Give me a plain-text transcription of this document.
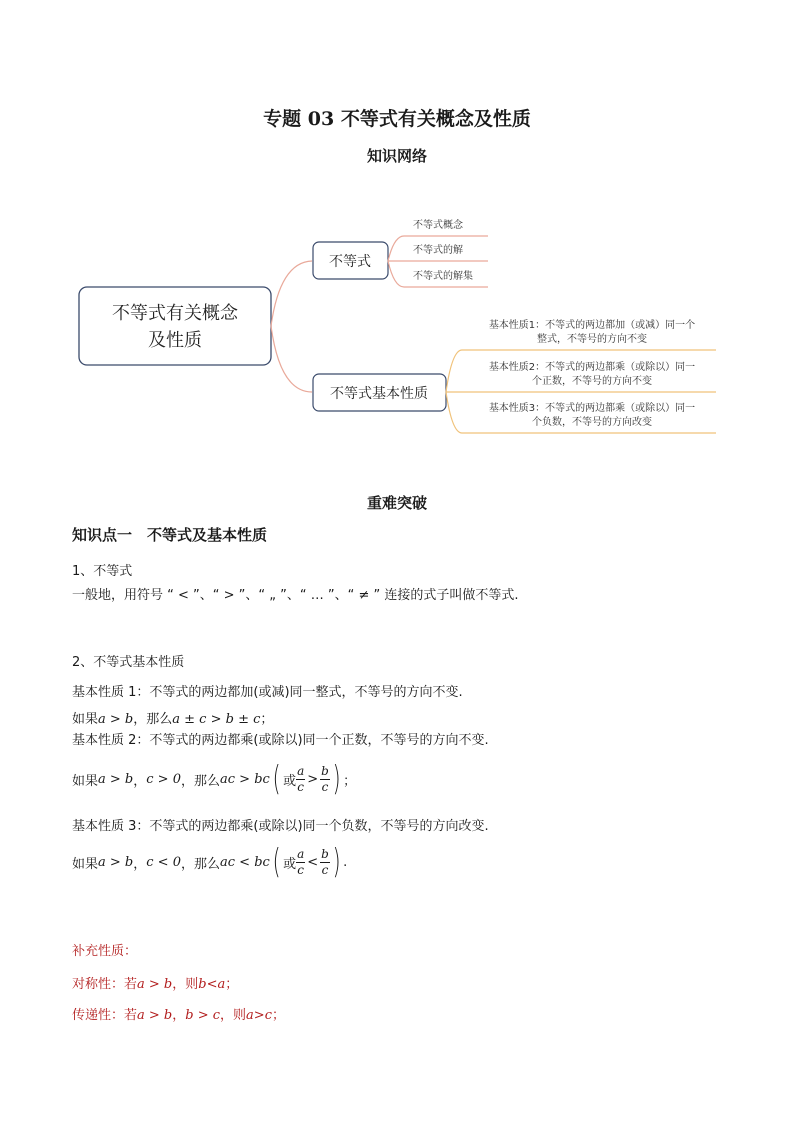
专题 03 不等式有关概念及性质
知识网络
不等式有关概念
及性质
不等式
不等式概念
不等式的解
不等式的解集
不等式基本性质
基本性质1：不等式的两边都加（或减）同一个
整式，不等号的方向不变
基本性质2：不等式的两边都乘（或除以）同一
个正数，不等号的方向不变
基本性质3：不等式的两边都乘（或除以）同一
个负数，不等号的方向改变
重难突破
知识点一　不等式及基本性质
1、不等式
一般地，用符号 “ < ”、“ > ”、“ „ ”、“ … ”、“ ≠ ” 连接的式子叫做不等式.
2、不等式基本性质
基本性质 1：不等式的两边都加(或减)同一整式，不等号的方向不变.
如果a > b，那么a ± c > b ± c；
基本性质 2：不等式的两边都乘(或除以)同一个正数，不等号的方向不变.
如果 a > b ， c > 0 ，那么 ac > bc ( 或 $\frac{a}{c} > \frac{b}{c}$ ) ；
基本性质 3：不等式的两边都乘(或除以)同一个负数，不等号的方向改变.
如果 a > b ， c < 0 ，那么 ac < bc ( 或 $\frac{a}{c} < \frac{b}{c}$ ) .
补充性质：
对称性：若a > b，则b<a；
传递性：若a > b，b > c，则a>c；
